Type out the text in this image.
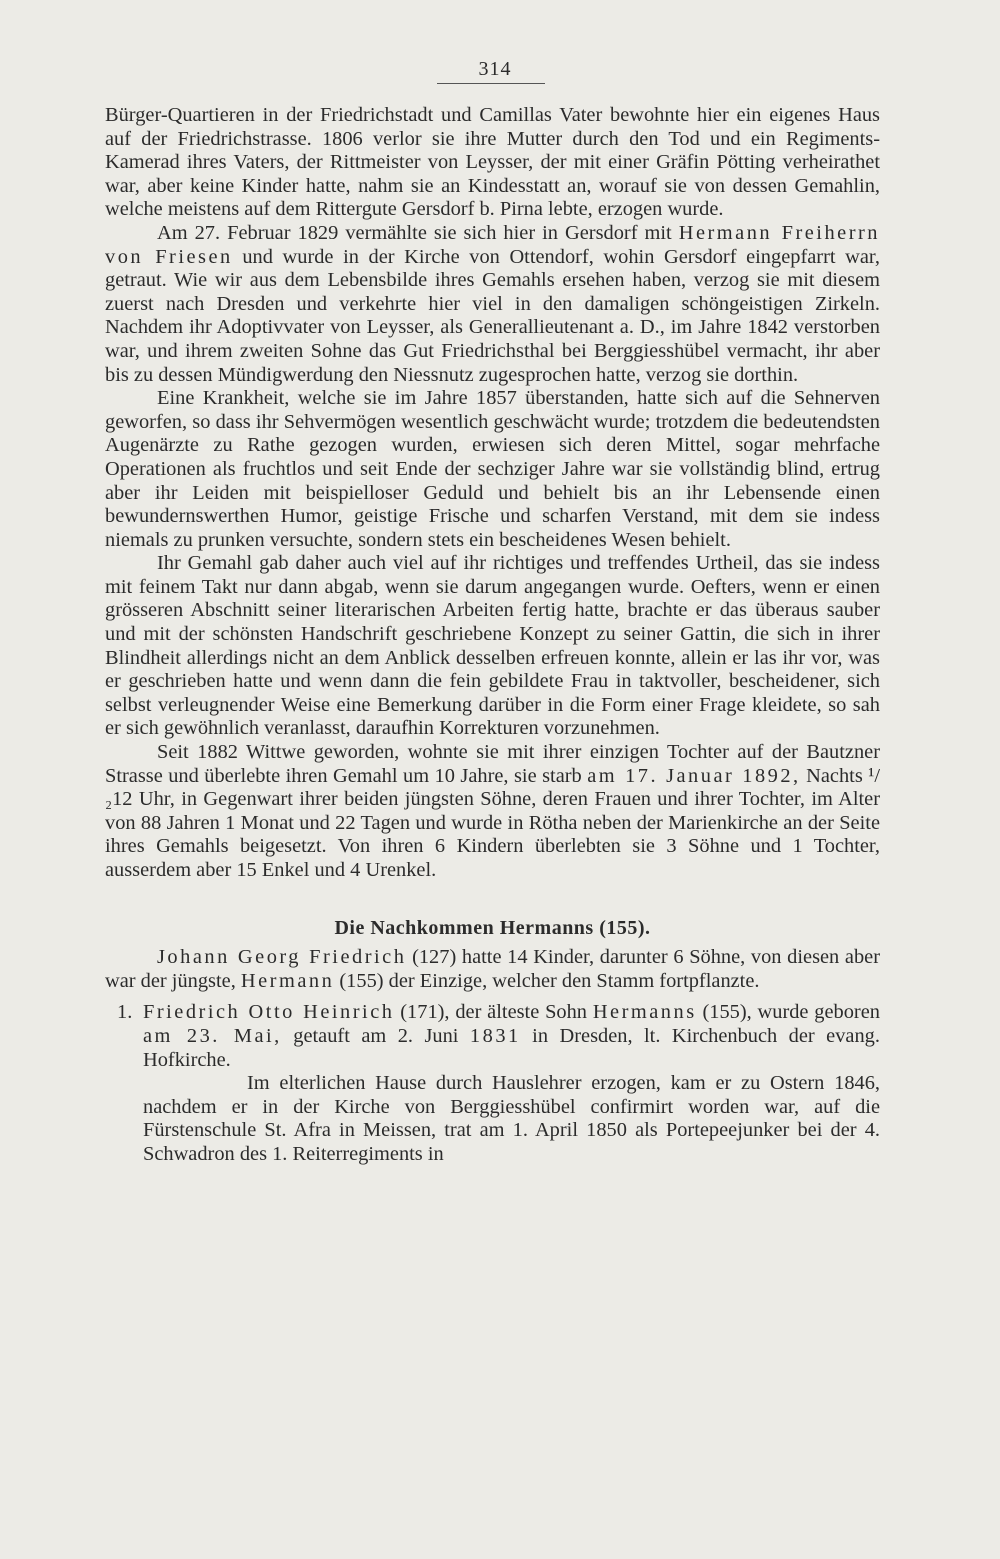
314

Bürger-Quartieren in der Friedrichstadt und Camillas Vater bewohnte hier ein eigenes Haus auf der Friedrichstrasse. 1806 verlor sie ihre Mutter durch den Tod und ein Regiments-Kamerad ihres Vaters, der Rittmeister von Leysser, der mit einer Gräfin Pötting verheirathet war, aber keine Kinder hatte, nahm sie an Kindesstatt an, worauf sie von dessen Gemahlin, welche meistens auf dem Rittergute Gersdorf b. Pirna lebte, erzogen wurde.

Am 27. Februar 1829 vermählte sie sich hier in Gersdorf mit Hermann Freiherrn von Friesen und wurde in der Kirche von Ottendorf, wohin Gersdorf eingepfarrt war, getraut. Wie wir aus dem Lebensbilde ihres Gemahls ersehen haben, verzog sie mit diesem zuerst nach Dresden und verkehrte hier viel in den damaligen schöngeistigen Zirkeln. Nachdem ihr Adoptivvater von Leysser, als Generallieutenant a. D., im Jahre 1842 verstorben war, und ihrem zweiten Sohne das Gut Friedrichsthal bei Berggiesshübel vermacht, ihr aber bis zu dessen Mündigwerdung den Niessnutz zugesprochen hatte, verzog sie dorthin.

Eine Krankheit, welche sie im Jahre 1857 überstanden, hatte sich auf die Sehnerven geworfen, so dass ihr Sehvermögen wesentlich geschwächt wurde; trotzdem die bedeutendsten Augenärzte zu Rathe gezogen wurden, erwiesen sich deren Mittel, sogar mehrfache Operationen als fruchtlos und seit Ende der sechziger Jahre war sie vollständig blind, ertrug aber ihr Leiden mit beispielloser Geduld und behielt bis an ihr Lebensende einen bewundernswerthen Humor, geistige Frische und scharfen Verstand, mit dem sie indess niemals zu prunken versuchte, sondern stets ein bescheidenes Wesen behielt.

Ihr Gemahl gab daher auch viel auf ihr richtiges und treffendes Urtheil, das sie indess mit feinem Takt nur dann abgab, wenn sie darum angegangen wurde. Oefters, wenn er einen grösseren Abschnitt seiner literarischen Arbeiten fertig hatte, brachte er das überaus sauber und mit der schönsten Handschrift geschriebene Konzept zu seiner Gattin, die sich in ihrer Blindheit allerdings nicht an dem Anblick desselben erfreuen konnte, allein er las ihr vor, was er geschrieben hatte und wenn dann die fein gebildete Frau in taktvoller, bescheidener, sich selbst verleugnender Weise eine Bemerkung darüber in die Form einer Frage kleidete, so sah er sich gewöhnlich veranlasst, daraufhin Korrekturen vorzunehmen.

Seit 1882 Wittwe geworden, wohnte sie mit ihrer einzigen Tochter auf der Bautzner Strasse und überlebte ihren Gemahl um 10 Jahre, sie starb am 17. Januar 1892, Nachts ¹/₂12 Uhr, in Gegenwart ihrer beiden jüngsten Söhne, deren Frauen und ihrer Tochter, im Alter von 88 Jahren 1 Monat und 22 Tagen und wurde in Rötha neben der Marienkirche an der Seite ihres Gemahls beigesetzt. Von ihren 6 Kindern überlebten sie 3 Söhne und 1 Tochter, ausserdem aber 15 Enkel und 4 Urenkel.

Die Nachkommen Hermanns (155).

Johann Georg Friedrich (127) hatte 14 Kinder, darunter 6 Söhne, von diesen aber war der jüngste, Hermann (155) der Einzige, welcher den Stamm fortpflanzte.

1. Friedrich Otto Heinrich (171), der älteste Sohn Hermanns (155), wurde geboren am 23. Mai, getauft am 2. Juni 1831 in Dresden, lt. Kirchenbuch der evang. Hofkirche.

Im elterlichen Hause durch Hauslehrer erzogen, kam er zu Ostern 1846, nachdem er in der Kirche von Berggiesshübel confirmirt worden war, auf die Fürstenschule St. Afra in Meissen, trat am 1. April 1850 als Portepeejunker bei der 4. Schwadron des 1. Reiterregiments in
